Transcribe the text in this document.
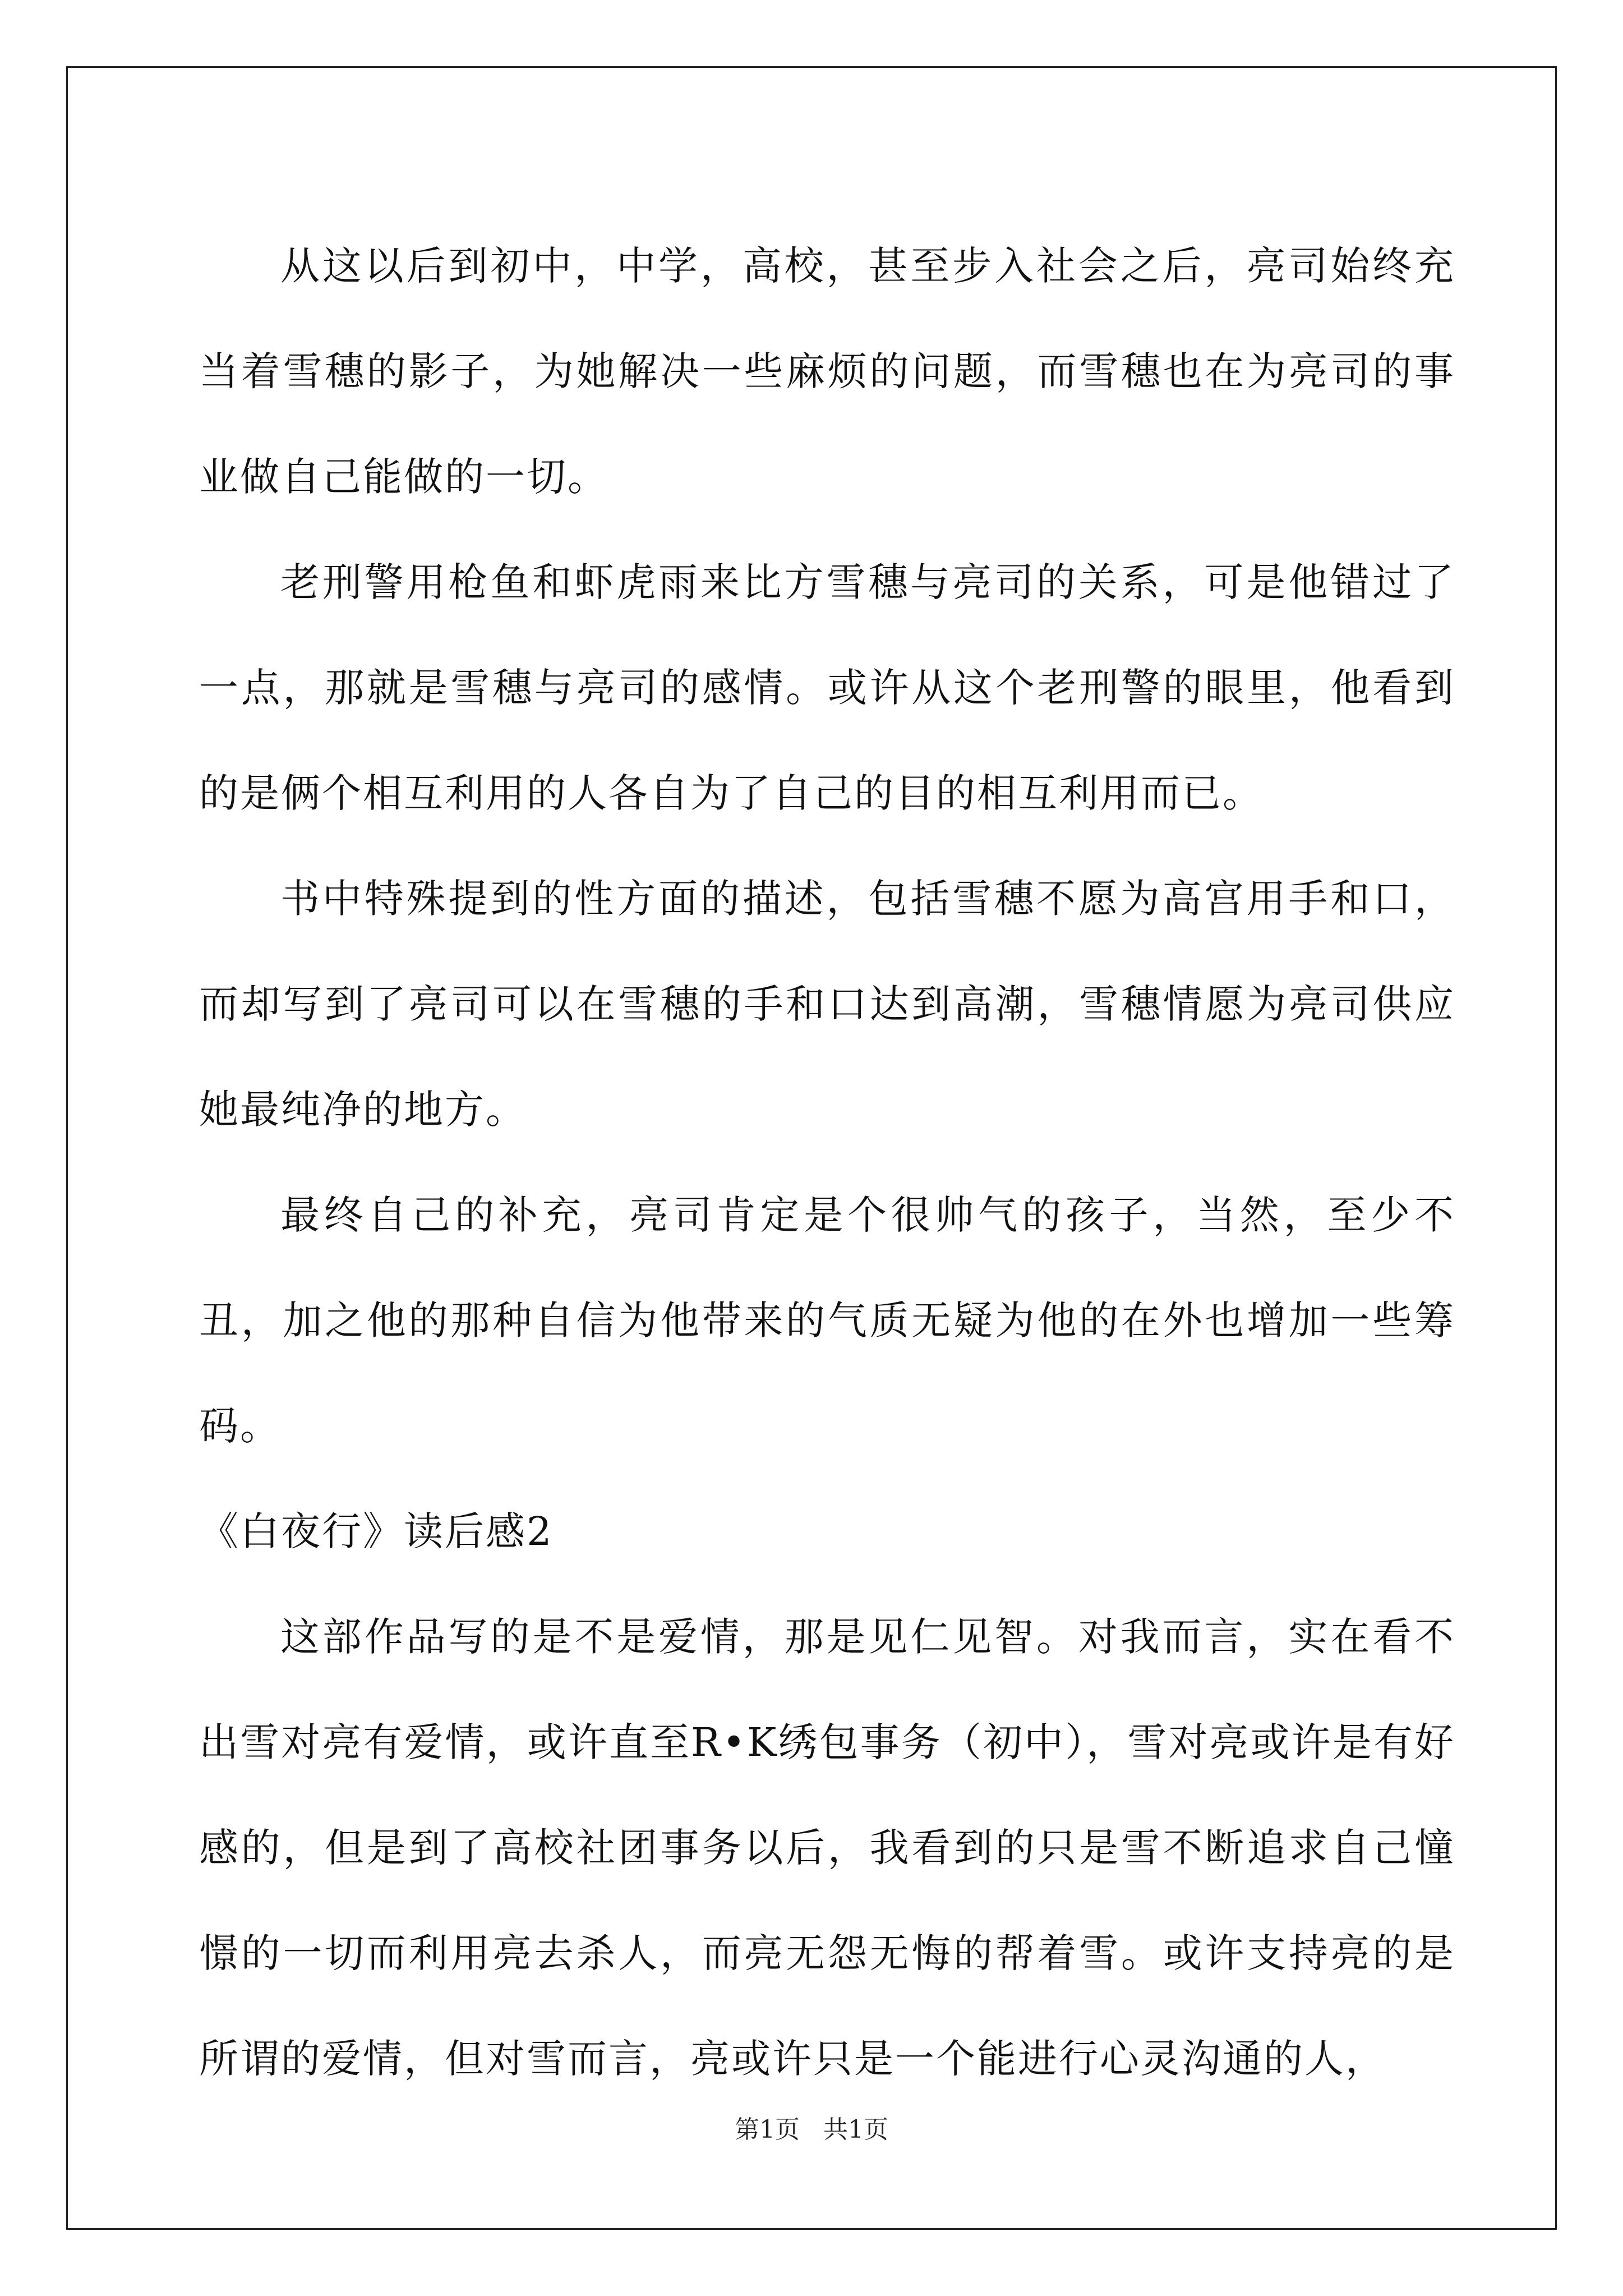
从这以后到初中，中学，高校，甚至步入社会之后，亮司始终充当着雪穗的影子，为她解决一些麻烦的问题，而雪穗也在为亮司的事业做自己能做的一切。

老刑警用枪鱼和虾虎雨来比方雪穗与亮司的关系，可是他错过了一点，那就是雪穗与亮司的感情。或许从这个老刑警的眼里，他看到的是俩个相互利用的人各自为了自己的目的相互利用而已。

书中特殊提到的性方面的描述，包括雪穗不愿为高宫用手和口，而却写到了亮司可以在雪穗的手和口达到高潮，雪穗情愿为亮司供应她最纯净的地方。

最终自己的补充，亮司肯定是个很帅气的孩子，当然，至少不丑，加之他的那种自信为他带来的气质无疑为他的在外也增加一些筹码。

《白夜行》读后感2

这部作品写的是不是爱情，那是见仁见智。对我而言，实在看不出雪对亮有爱情，或许直至R•K绣包事务（初中），雪对亮或许是有好感的，但是到了高校社团事务以后，我看到的只是雪不断追求自己憧憬的一切而利用亮去杀人，而亮无怨无悔的帮着雪。或许支持亮的是所谓的爱情，但对雪而言，亮或许只是一个能进行心灵沟通的人，

第1页   共1页
